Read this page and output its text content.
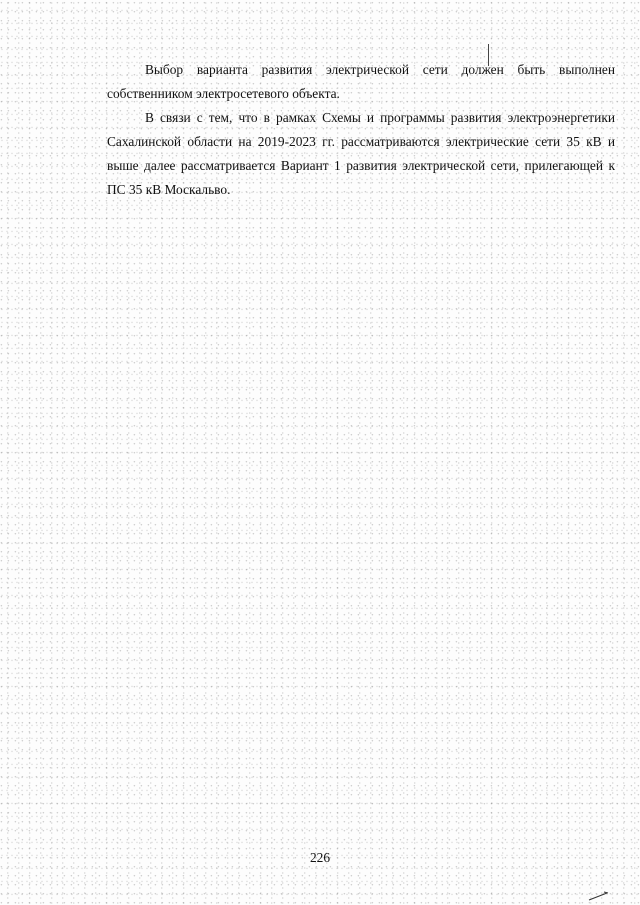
Выбор варианта развития электрической сети должен быть выполнен собственником электросетевого объекта.

В связи с тем, что в рамках Схемы и программы развития электроэнергетики Сахалинской области на 2019-2023 гг. рассматриваются электрические сети 35 кВ и выше далее рассматривается Вариант 1 развития электрической сети, прилегающей к ПС 35 кВ Москальво.

226
